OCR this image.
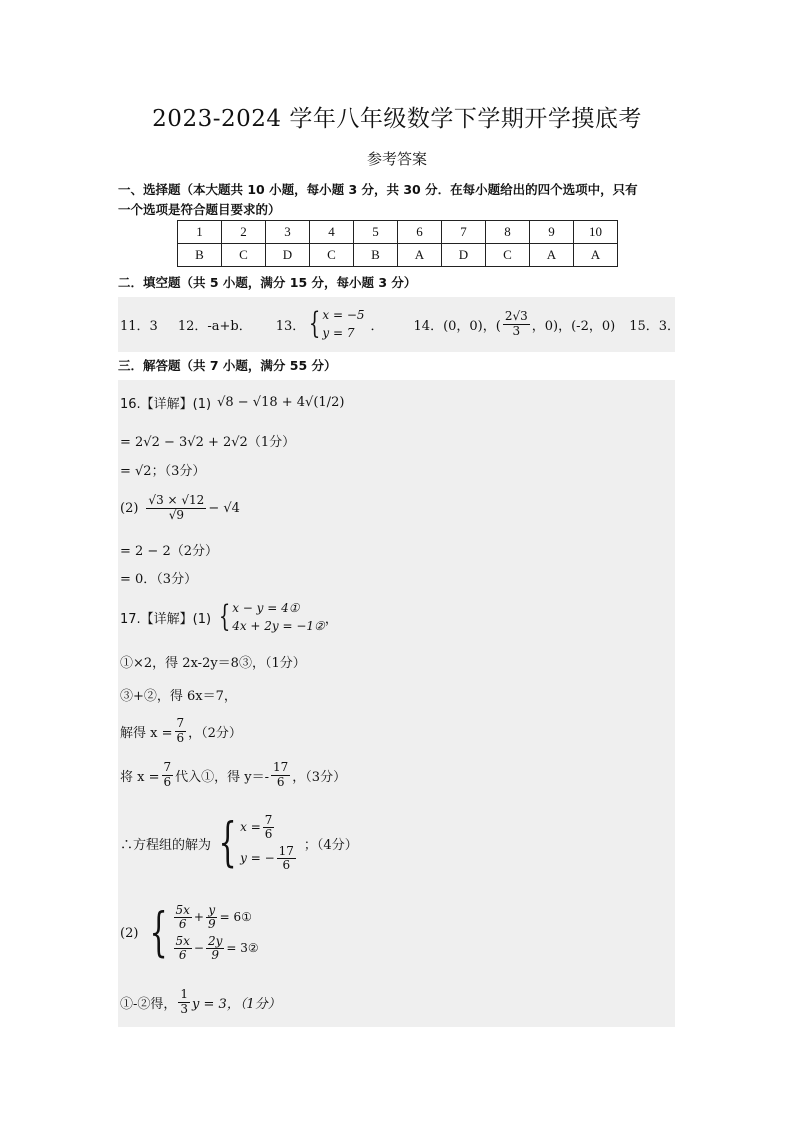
2023-2024 学年八年级数学下学期开学摸底考
参考答案
一、选择题（本大题共 10 小题，每小题 3 分，共 30 分．在每小题给出的四个选项中，只有
一个选项是符合题目要求的）
1	2	3	4	5	6	7	8	9	10
B	C	D	C	B	A	D	C	A	A
二．填空题（共 5 小题，满分 15 分，每小题 3 分）
11．3 12．-a+b． 13． { x = −5
y = 7	． 14．(0，0)，( $\frac{2√3}{3}$ ，0)，(-2，0) 15．3．
三．解答题（共 7 小题，满分 55 分）
16.【详解】(1) √8 − √18 + 4√(1/2)
= 2√2 − 3√2 + 2√2（1分）
= √2；（3分）
$(2) \frac{√3 \times √12}{√9} - √4$
= 2 − 2（2分）
= 0．（3分）
17.【详解】(1) { x − y = 4①
4x + 2y = −1② ，
①×2，得 2x-2y＝8③，（1分）
③+②，得 6x＝7，
解得 $x = \frac{7}{6}$ ，（2分）
将 $x = \frac{7}{6}$ 代入①，得 $y=- \frac{17}{6}$ ，（3分）
∴方程组的解为 { $x = \frac{7}{6}$
y = − $\frac{17}{6}$ ；（4分）
(2) { $\frac{5x}{6} + \frac{y}{9}$ = 6①
$\frac{5x}{6} - \frac{2y}{9}$ = 3②
①-②得， $\frac{1}{3}$ y = 3，（1分）
